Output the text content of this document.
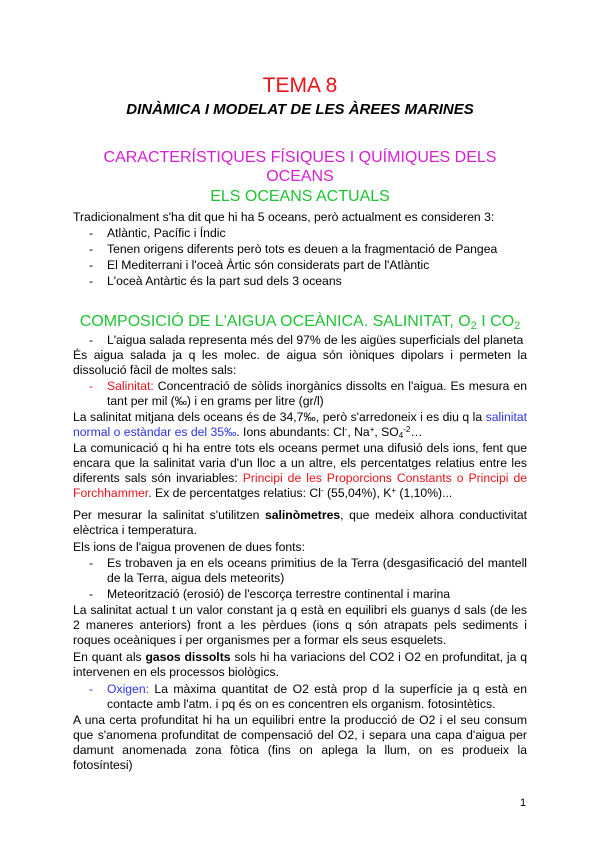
TEMA 8
DINÀMICA I MODELAT DE LES ÀREES MARINES
CARACTERÍSTIQUES FÍSIQUES I QUÍMIQUES DELS
OCEANS
ELS OCEANS ACTUALS
Tradicionalment s'ha dit que hi ha 5 oceans, però actualment es consideren 3:
- Atlàntic, Pacífic i Índic
- Tenen origens diferents però tots es deuen a la fragmentació de Pangea
- El Mediterrani i l'oceà Àrtic són considerats part de l'Atlàntic
- L'oceà Antàrtic és la part sud dels 3 oceans
COMPOSICIÓ DE L'AIGUA OCEÀNICA. SALINITAT, $O_2$ I $CO_2$
- L'aigua salada representa més del 97% de les aigües superficials del planeta
És aigua salada ja q les molec. de aigua són iòniques dipolars i permeten la dissolució fàcil de moltes sals:
- Salinitat: Concentració de sòlids inorgànics dissolts en l'aigua. Es mesura en tant per mil (‰) i en grams per litre (gr/l)
La salinitat mitjana dels oceans és de 34,7‰, però s'arredoneix i es diu q la salinitat normal o estàndar es del 35‰. Ions abundants: Cl-, Na+, $SO_4^{-2}\dots$
La comunicació q hi ha entre tots els oceans permet una difusió dels ions, fent que encara que la salinitat varia d'un lloc a un altre, els percentatges relatius entre les diferents sals són invariables: Principi de les Proporcions Constants o Principi de Forchhammer. Ex de percentatges relatius: Cl- (55,04%), K+ (1,10%)...
Per mesurar la salinitat s'utilitzen salinòmetres, que medeix alhora conductivitat elèctrica i temperatura.
Els ions de l'aigua provenen de dues fonts:
- Es trobaven ja en els oceans primitius de la Terra (desgasificació del mantell de la Terra, aigua dels meteorits)
- Meteorització (erosió) de l'escorça terrestre continental i marina
La salinitat actual t un valor constant ja q està en equilibri els guanys d sals (de les 2 maneres anteriors) front a les pèrdues (ions q són atrapats pels sediments i roques oceàniques i per organismes per a formar els seus esquelets.
En quant als gasos dissolts sols hi ha variacions del CO2 i O2 en profunditat, ja q intervenen en els processos biològics.
- Oxigen: La màxima quantitat de O2 està prop d la superfície ja q està en contacte amb l'atm. i pq és on es concentren els organism. fotosintètics.
A una certa profunditat hi ha un equilibri entre la producció de O2 i el seu consum que s'anomena profunditat de compensació del O2, i separa una capa d'aigua per damunt anomenada zona fòtica (fins on aplega la llum, on es produeix la fotosíntesi)
1
